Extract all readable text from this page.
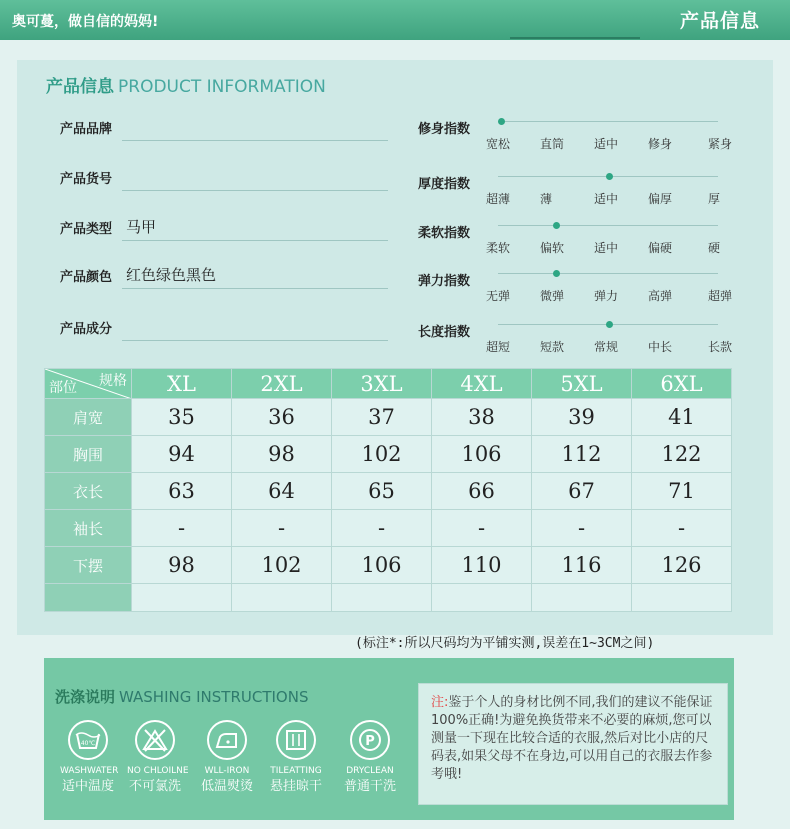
奥可蔓，做自信的妈妈!	产品信息
产品信息 PRODUCT INFORMATION
产品品牌
产品货号
产品类型 马甲
产品颜色 红色绿色黑色
产品成分
修身指数
宽松 直筒 适中 修身	紧身
厚度指数
超薄 薄	适中 偏厚	厚
柔软指数
柔软 偏软 适中 偏硬	硬
弹力指数
无弹 微弹 弹力 高弹	超弹
长度指数
超短 短款 常规 中长	长款
规格
部位	XL	2XL	3XL	4XL	5XL	6XL
肩宽	35	36	37	38	39	41
胸围	94	98	102	106	112	122
衣长	63	64	65	66	67	71
袖长	-	-	-	-	-	-
下摆	98	102	106	110	116	126

(标注*:所以尺码均为平铺实测,误差在1~3CM之间)
洗涤说明 WASHING INSTRUCTIONS
40℃
WASHWATER
适中温度
NO CHLOILNE
不可氯洗
WLL-IRON
低温熨烫
TILEATTING
悬挂晾干
P
DRYCLEAN
普通干洗
注:鉴于个人的身材比例不同,我们的建议不能保证100%正确!为避免换货带来不必要的麻烦,您可以测量一下现在比较合适的衣服,然后对比小店的尺码表,如果父母不在身边,可以用自己的衣服去作参考哦!
